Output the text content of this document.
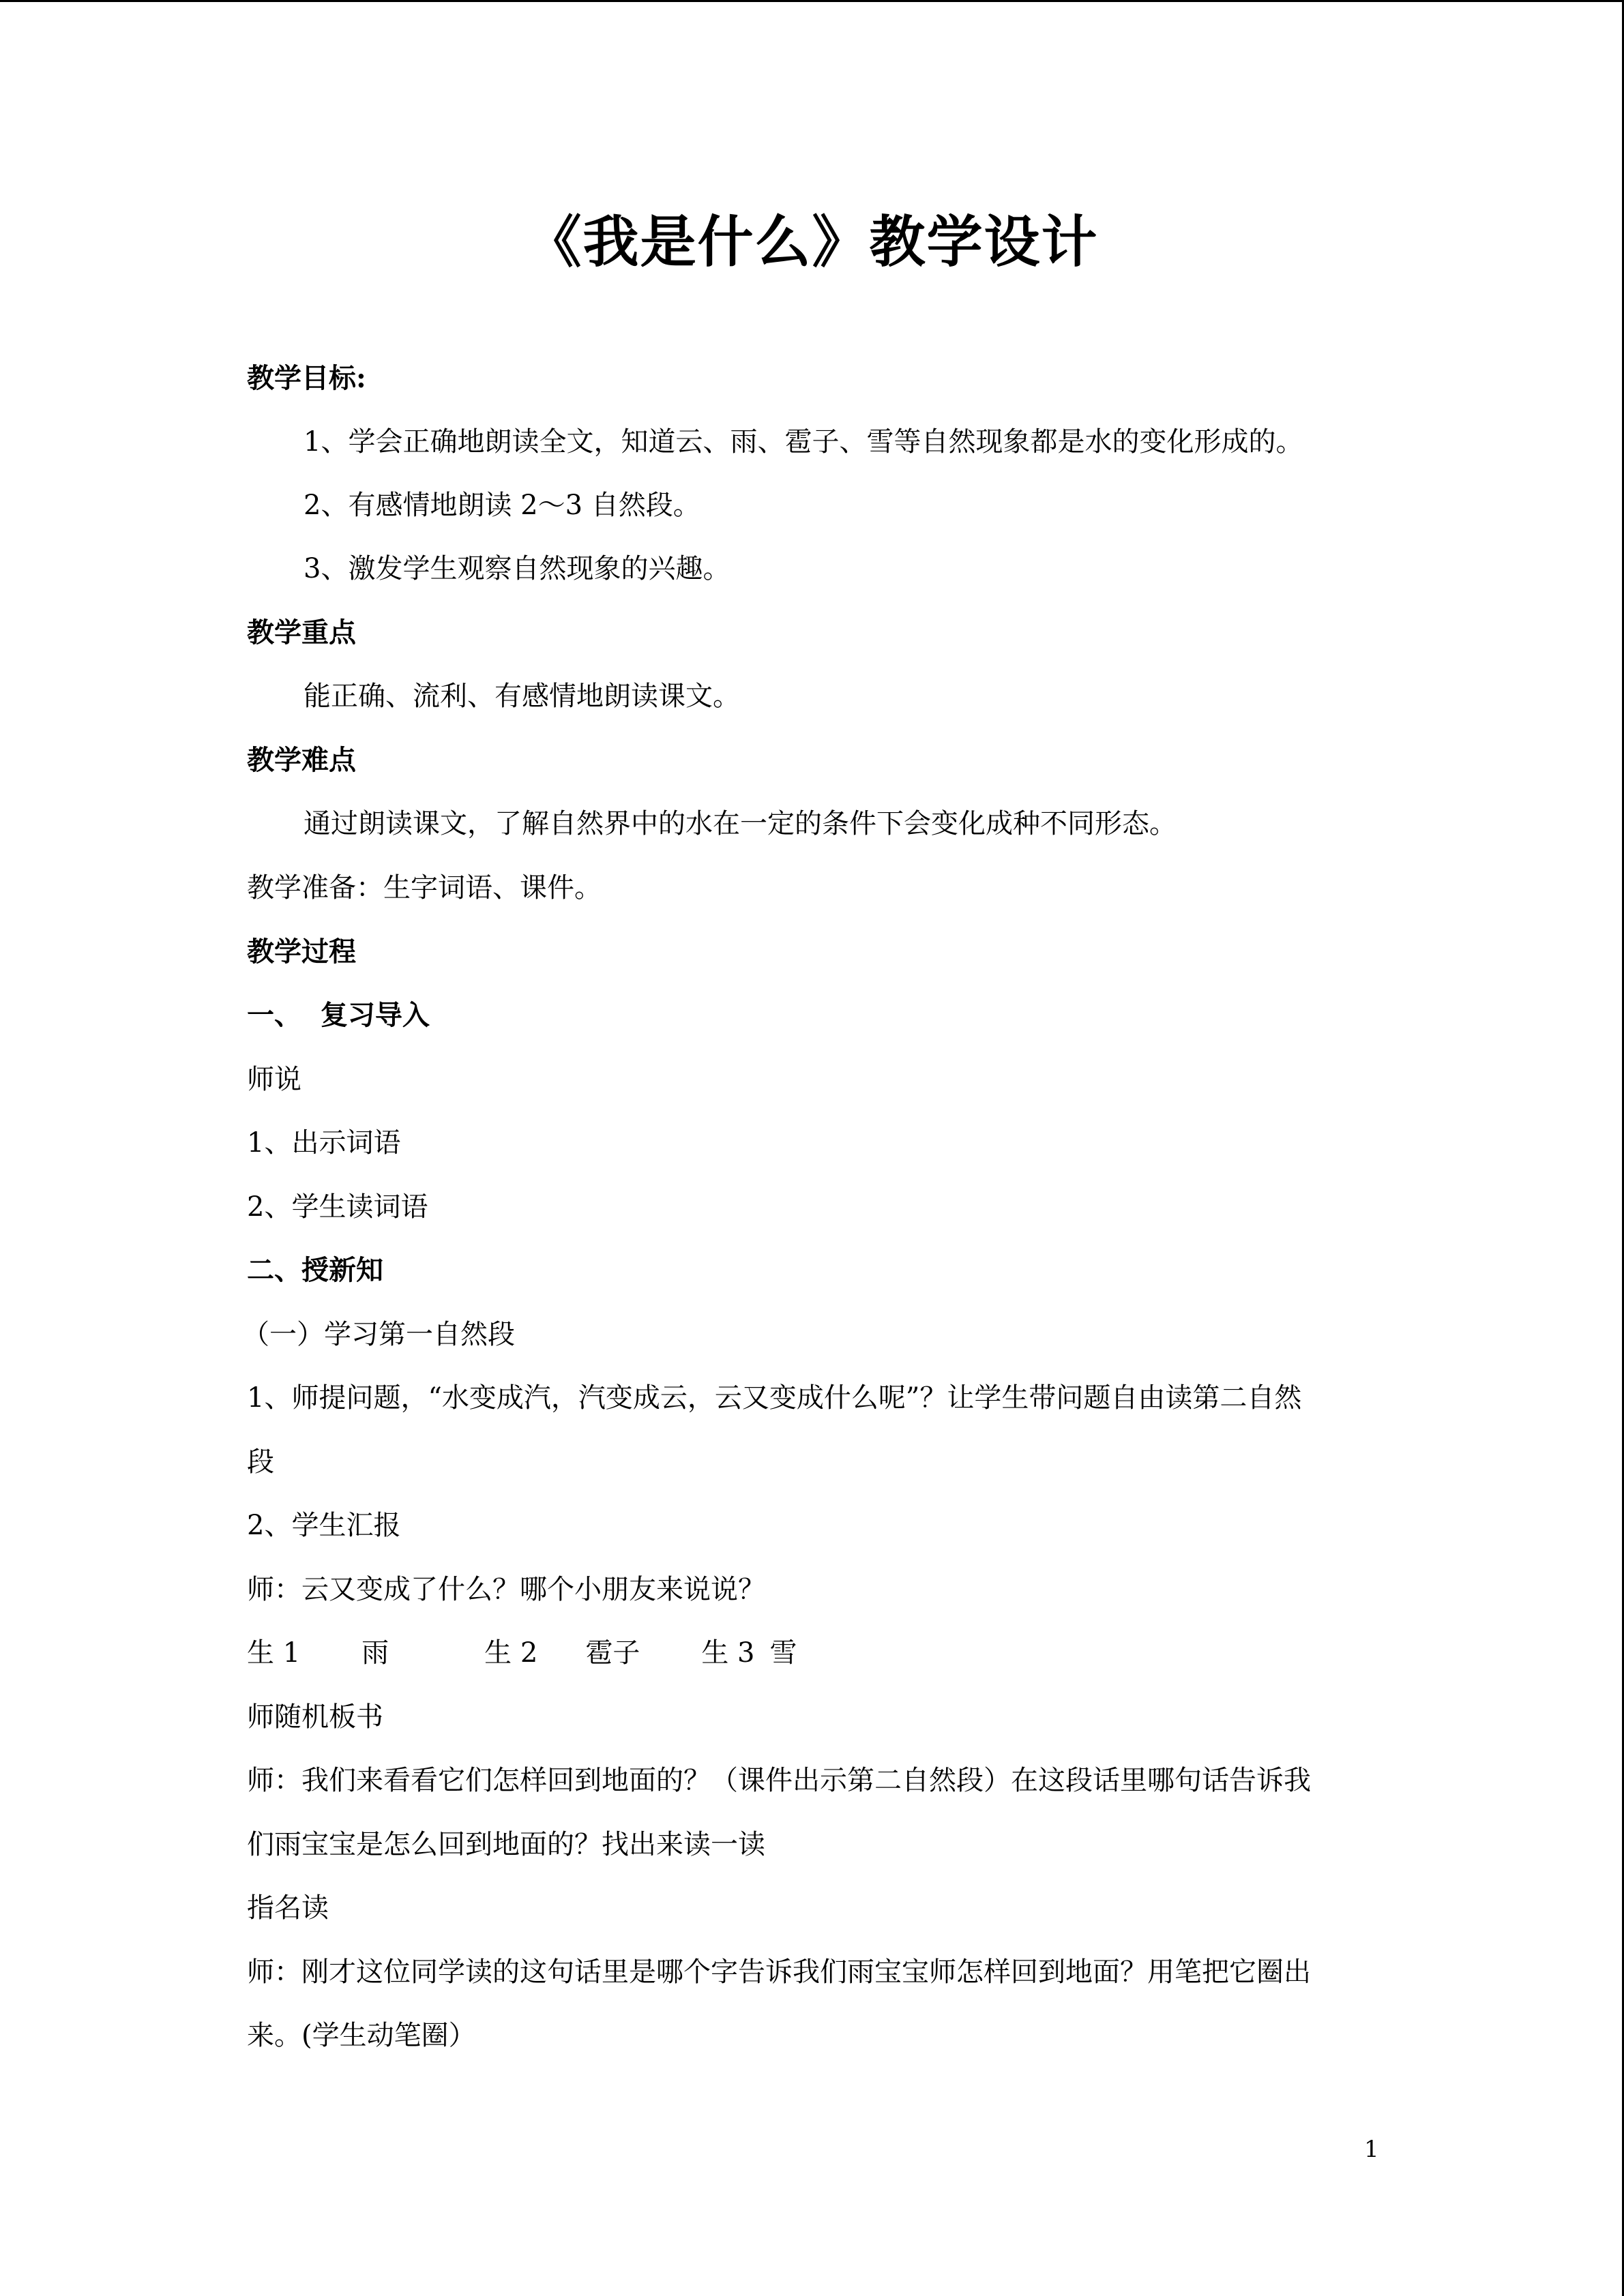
《我是什么》教学设计
教学目标:
1、学会正确地朗读全文，知道云、雨、雹子、雪等自然现象都是水的变化形成的。
2、有感情地朗读 2～3 自然段。
3、激发学生观察自然现象的兴趣。
教学重点
能正确、流利、有感情地朗读课文。
教学难点
通过朗读课文，了解自然界中的水在一定的条件下会变化成种不同形态。
教学准备：生字词语、课件。
教学过程
一、  复习导入
师说
1、出示词语
2、学生读词语
二、授新知
（一）学习第一自然段
1、师提问题，“水变成汽，汽变成云，云又变成什么呢”？让学生带问题自由读第二自然
段
2、学生汇报
师：云又变成了什么？哪个小朋友来说说？
生 1 雨	生 2 雹子 生 3 雪
师随机板书
师：我们来看看它们怎样回到地面的？（课件出示第二自然段）在这段话里哪句话告诉我
们雨宝宝是怎么回到地面的？找出来读一读
指名读
师：刚才这位同学读的这句话里是哪个字告诉我们雨宝宝师怎样回到地面？用笔把它圈出
来。(学生动笔圈）
1
